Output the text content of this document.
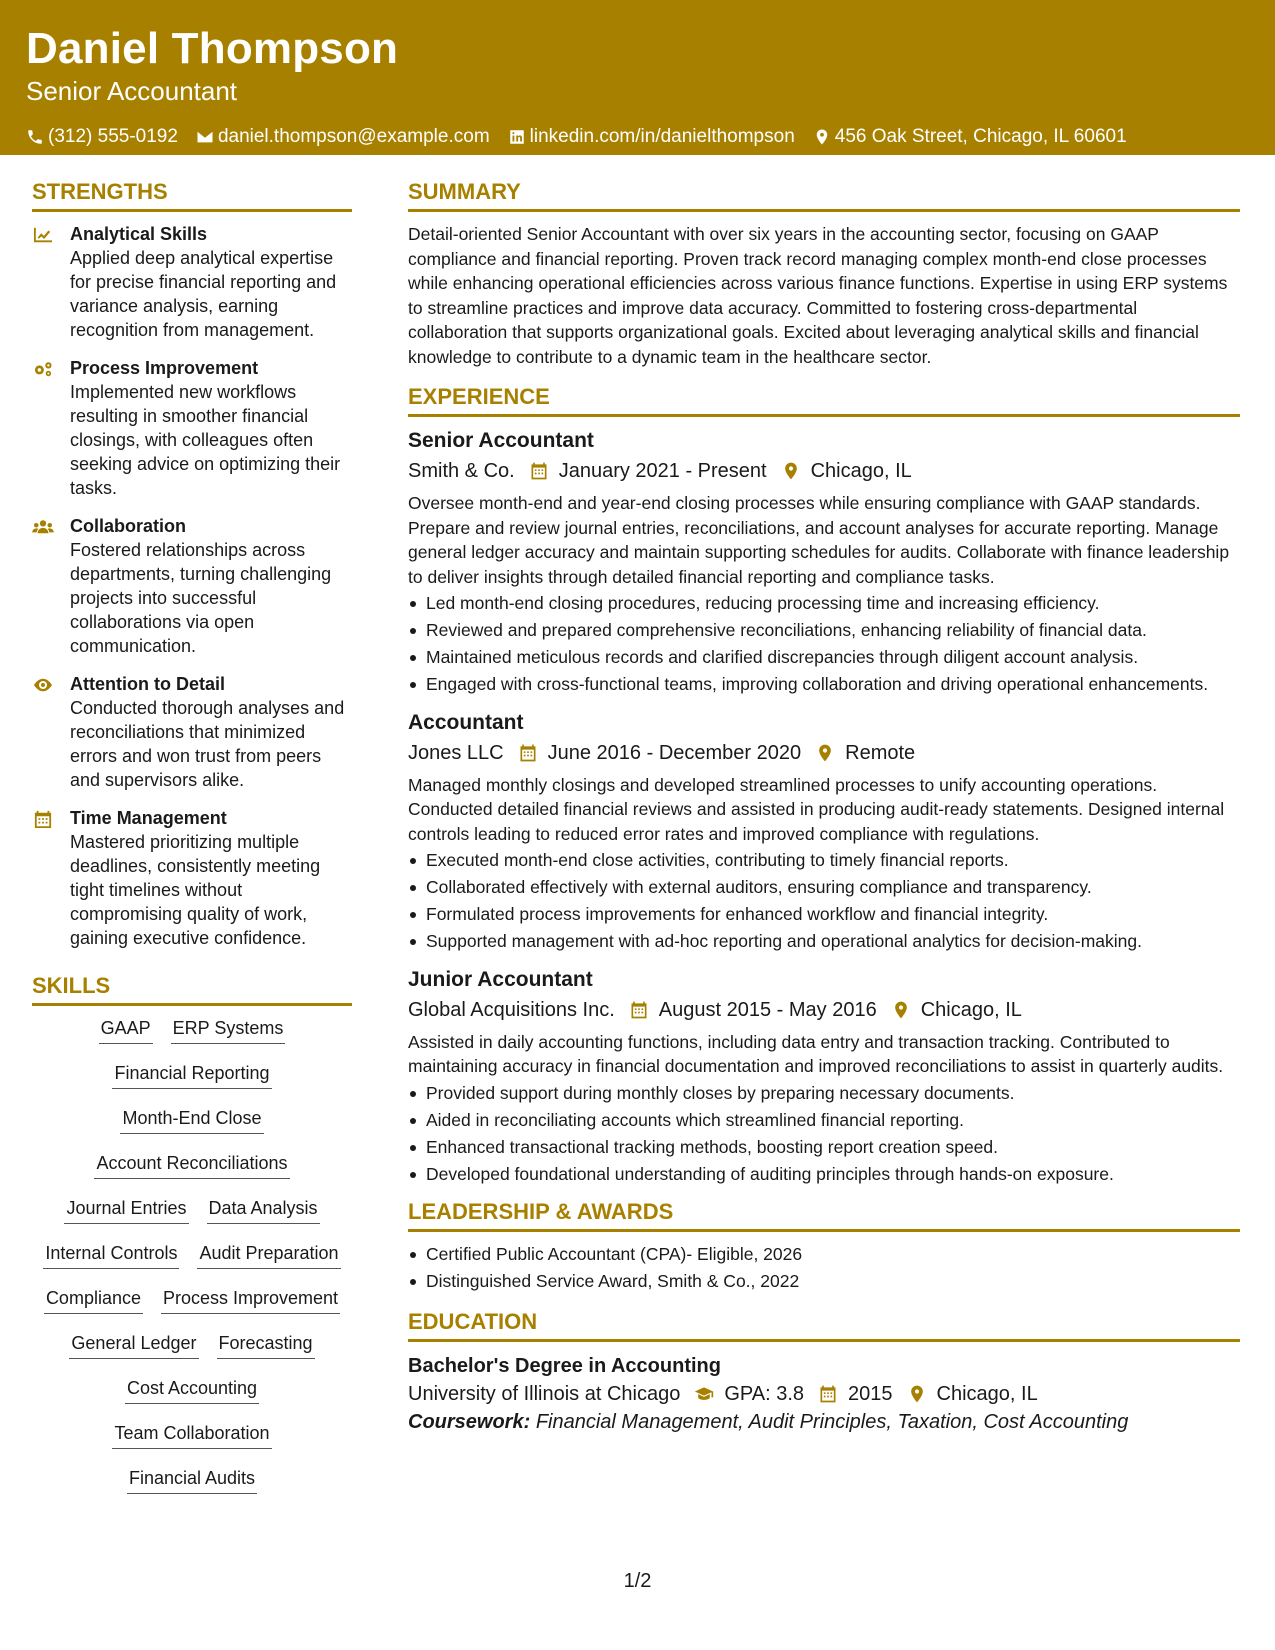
Daniel Thompson
Senior Accountant
(312) 555-0192 daniel.thompson@example.com linkedin.com/in/danielthompson 456 Oak Street, Chicago, IL 60601
STRENGTHS
Analytical Skills
Applied deep analytical expertise for precise financial reporting and variance analysis, earning recognition from management.
Process Improvement
Implemented new workflows resulting in smoother financial closings, with colleagues often seeking advice on optimizing their tasks.
Collaboration
Fostered relationships across departments, turning challenging projects into successful collaborations via open communication.
Attention to Detail
Conducted thorough analyses and reconciliations that minimized errors and won trust from peers and supervisors alike.
Time Management
Mastered prioritizing multiple deadlines, consistently meeting tight timelines without compromising quality of work, gaining executive confidence.
SKILLS
GAAP ERP Systems
Financial Reporting
Month-End Close
Account Reconciliations
Journal Entries Data Analysis
Internal Controls Audit Preparation
Compliance Process Improvement
General Ledger Forecasting
Cost Accounting
Team Collaboration
Financial Audits
SUMMARY
Detail-oriented Senior Accountant with over six years in the accounting sector, focusing on GAAP compliance and financial reporting. Proven track record managing complex month-end close processes while enhancing operational efficiencies across various finance functions. Expertise in using ERP systems to streamline practices and improve data accuracy. Committed to fostering cross-departmental collaboration that supports organizational goals. Excited about leveraging analytical skills and financial knowledge to contribute to a dynamic team in the healthcare sector.
EXPERIENCE
Senior Accountant
Smith & Co. January 2021 - Present Chicago, IL
Oversee month-end and year-end closing processes while ensuring compliance with GAAP standards. Prepare and review journal entries, reconciliations, and account analyses for accurate reporting. Manage general ledger accuracy and maintain supporting schedules for audits. Collaborate with finance leadership to deliver insights through detailed financial reporting and compliance tasks.
Led month-end closing procedures, reducing processing time and increasing efficiency.
Reviewed and prepared comprehensive reconciliations, enhancing reliability of financial data.
Maintained meticulous records and clarified discrepancies through diligent account analysis.
Engaged with cross-functional teams, improving collaboration and driving operational enhancements.
Accountant
Jones LLC June 2016 - December 2020 Remote
Managed monthly closings and developed streamlined processes to unify accounting operations. Conducted detailed financial reviews and assisted in producing audit-ready statements. Designed internal controls leading to reduced error rates and improved compliance with regulations.
Executed month-end close activities, contributing to timely financial reports.
Collaborated effectively with external auditors, ensuring compliance and transparency.
Formulated process improvements for enhanced workflow and financial integrity.
Supported management with ad-hoc reporting and operational analytics for decision-making.
Junior Accountant
Global Acquisitions Inc. August 2015 - May 2016 Chicago, IL
Assisted in daily accounting functions, including data entry and transaction tracking. Contributed to maintaining accuracy in financial documentation and improved reconciliations to assist in quarterly audits.
Provided support during monthly closes by preparing necessary documents.
Aided in reconciliating accounts which streamlined financial reporting.
Enhanced transactional tracking methods, boosting report creation speed.
Developed foundational understanding of auditing principles through hands-on exposure.
LEADERSHIP & AWARDS
Certified Public Accountant (CPA)- Eligible, 2026
Distinguished Service Award, Smith & Co., 2022
EDUCATION
Bachelor's Degree in Accounting
University of Illinois at Chicago GPA: 3.8 2015 Chicago, IL
Coursework: Financial Management, Audit Principles, Taxation, Cost Accounting
1/2
